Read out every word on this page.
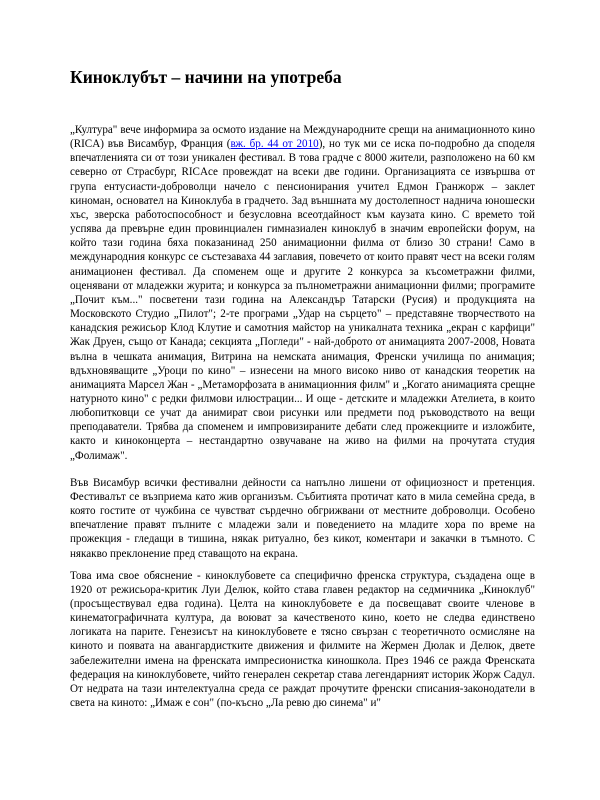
Киноклубът – начини на употреба

„Култура" вече информира за осмото издание на Международните срещи на анимационното кино (RICA) във Висамбур, Франция (вж. бр. 44 от 2010), но тук ми се иска по-подробно да споделя впечатленията си от този уникален фестивал. В това градче с 8000 жители, разположено на 60 км северно от Страсбург, RICAсе провеждат на всеки две години. Организацията се извършва от група ентусиасти-доброволци начело с пенсионирания учител Едмон Гранжорж – заклет киноман, основател на Киноклуба в градчето. Зад външната му достолепност надничa юношески хъс, зверска работоспособност и безусловна всеотдайност към каузата кино. С времето той успява да превърне един провинциален гимназиален киноклуб в значим европейски форум, на който тази година бяха показанинад 250 анимационни филма от близо 30 страни! Само в международния конкурс се състезаваха 44 заглавия, повечето от които правят чест на всеки голям анимационен фестивал. Да споменем още и другите 2 конкурса за късометражни филми, оценявани от младежки журита; и конкурса за пълнометражни анимационни филми; програмите „Почит към..." посветени тази година на Александър Татарски (Русия) и продукцията на Московското Студио „Пилот"; 2-те програми „Удар на сърцето" – представяне творчеството на канадския режисьор Клод Клутие и самотния майстор на уникалната техника „екран с карфици" Жак Друен, също от Канада; секцията „Погледи" - най-доброто от анимацията 2007-2008, Новата вълна в чешката анимация, Витрина на немската анимация, Френски училища по анимация; вдъхновяващите „Уроци по кино" – изнесени на много високо ниво от канадския теоретик на анимацията Марсел Жан - „Метаморфозата в анимационния филм" и „Когато анимацията срещне натурното кино" с редки филмови илюстрации... И още - детските и младежки Ателиета, в които любопитковци се учат да анимират свои рисунки или предмети под ръководството на вещи преподаватели. Трябва да споменем и импровизираните дебати след прожекциите и изложбите, както и киноконцерта – нестандартно озвучаване на живо на филми на прочутата студия „Фолимаж".

Във Висамбур всички фестивални дейности са напълно лишени от официозност и претенция. Фестивалът се възприема като жив организъм. Събитията протичат като в мила семейна среда, в която гостите от чужбина се чувстват сърдечно обгрижвани от местните доброволци. Особено впечатление правят пълните с младежи зали и поведението на младите хора по време на прожекция - гледащи в тишина, някак ритуално, без кикот, коментари и закачки в тъмното. С някакво преклонение пред ставащото на екрана.

Това има свое обяснение - киноклубовете са специфично френска структура, създадена още в 1920 от режисьора-критик Луи Делюк, който става главен редактор на седмичника „Киноклуб" (просъществувал едва година). Целта на киноклубовете е да посвещават своите членове в кинематографичната култура, да воюват за качественото кино, което не следва единствено логиката на парите. Генезисът на киноклубовете е тясно свързан с теоретичното осмисляне на киното и появата на авангардистките движения и филмите на Жермен Дюлак и Делюк, двете забележителни имена на френската импресионистка киношкола. През 1946 се ражда Френската федерация на киноклубовете, чийто генерален секретар става легендарният историк Жорж Садул. От недрата на тази интелектуална среда се раждат прочутите френски списания-законодатели в света на киното: „Имаж е сон" (по-късно „Ла ревю дю синема" и"
